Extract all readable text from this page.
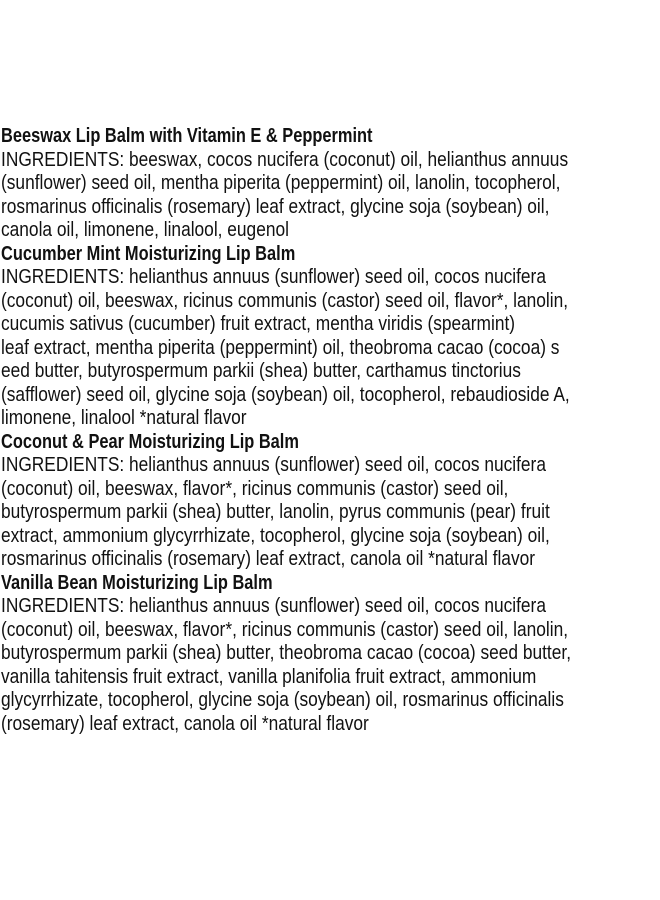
Beeswax Lip Balm with Vitamin E & Peppermint
INGREDIENTS: beeswax, cocos nucifera (coconut) oil, helianthus annuus
(sunflower) seed oil, mentha piperita (peppermint) oil, lanolin, tocopherol,
rosmarinus officinalis (rosemary) leaf extract, glycine soja (soybean) oil,
canola oil, limonene, linalool, eugenol
Cucumber Mint Moisturizing Lip Balm
INGREDIENTS: helianthus annuus (sunflower) seed oil, cocos nucifera
(coconut) oil, beeswax, ricinus communis (castor) seed oil, flavor*, lanolin,
cucumis sativus (cucumber) fruit extract, mentha viridis (spearmint)
leaf extract, mentha piperita (peppermint) oil, theobroma cacao (cocoa) s
eed butter, butyrospermum parkii (shea) butter, carthamus tinctorius
(safflower) seed oil, glycine soja (soybean) oil, tocopherol, rebaudioside A,
limonene, linalool *natural flavor
Coconut & Pear Moisturizing Lip Balm
INGREDIENTS: helianthus annuus (sunflower) seed oil, cocos nucifera
(coconut) oil, beeswax, flavor*, ricinus communis (castor) seed oil,
butyrospermum parkii (shea) butter, lanolin, pyrus communis (pear) fruit
extract, ammonium glycyrrhizate, tocopherol, glycine soja (soybean) oil,
rosmarinus officinalis (rosemary) leaf extract, canola oil *natural flavor
Vanilla Bean Moisturizing Lip Balm
INGREDIENTS: helianthus annuus (sunflower) seed oil, cocos nucifera
(coconut) oil, beeswax, flavor*, ricinus communis (castor) seed oil, lanolin,
butyrospermum parkii (shea) butter, theobroma cacao (cocoa) seed butter,
vanilla tahitensis fruit extract, vanilla planifolia fruit extract, ammonium
glycyrrhizate, tocopherol, glycine soja (soybean) oil, rosmarinus officinalis
(rosemary) leaf extract, canola oil *natural flavor
